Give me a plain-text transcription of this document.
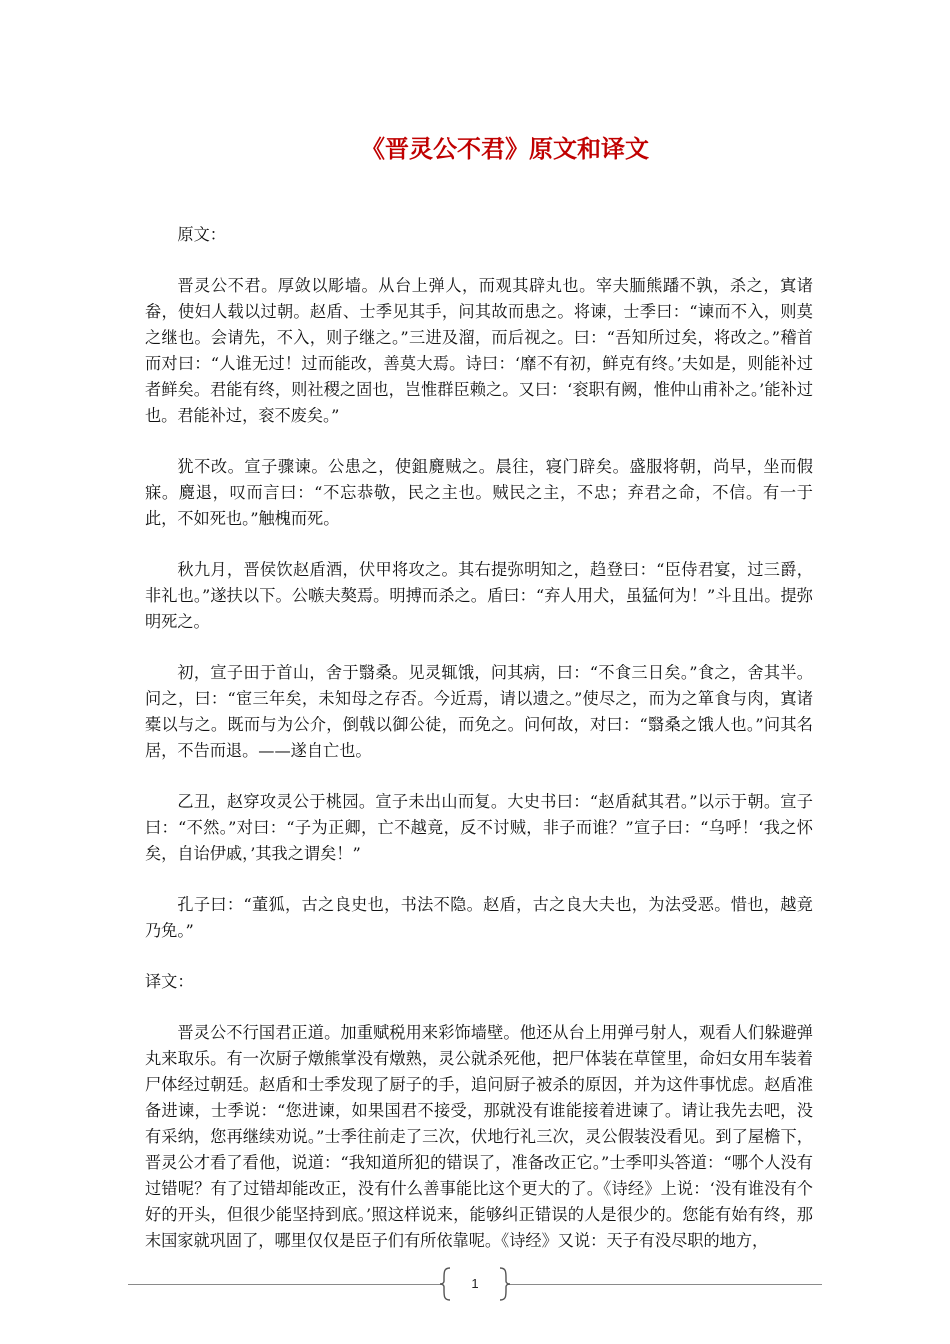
《晋灵公不君》原文和译文

原文：

晋灵公不君。厚敛以彫墙。从台上弹人，而观其辟丸也。宰夫胹熊蹯不孰，杀之，寘诸畚，使妇人载以过朝。赵盾、士季见其手，问其故而患之。将谏，士季曰：“谏而不入，则莫之继也。会请先，不入，则子继之。”三进及溜，而后视之。曰：“吾知所过矣，将改之。”稽首而对曰：“人谁无过！过而能改，善莫大焉。诗曰：‘靡不有初，鲜克有终。’夫如是，则能补过者鲜矣。君能有终，则社稷之固也，岂惟群臣赖之。又曰：‘衮职有阙，惟仲山甫补之。’能补过也。君能补过，衮不废矣。”

犹不改。宣子骤谏。公患之，使鉏麑贼之。晨往，寝门辟矣。盛服将朝，尚早，坐而假寐。麑退，叹而言曰：“不忘恭敬，民之主也。贼民之主，不忠；弃君之命，不信。有一于此，不如死也。”触槐而死。

秋九月，晋侯饮赵盾酒，伏甲将攻之。其右提弥明知之，趋登曰：“臣侍君宴，过三爵，非礼也。”遂扶以下。公嗾夫獒焉。明搏而杀之。盾曰：“弃人用犬，虽猛何为！”斗且出。提弥明死之。

初，宣子田于首山，舍于翳桑。见灵辄饿，问其病，曰：“不食三日矣。”食之，舍其半。问之，曰：“宦三年矣，未知母之存否。今近焉，请以遗之。”使尽之，而为之箪食与肉，寘诸橐以与之。既而与为公介，倒戟以御公徒，而免之。问何故，对曰：“翳桑之饿人也。”问其名居，不告而退。——遂自亡也。

乙丑，赵穿攻灵公于桃园。宣子未出山而复。大史书曰：“赵盾弑其君。”以示于朝。宣子曰：“不然。”对曰：“子为正卿，亡不越竟，反不讨贼，非子而谁？”宣子曰：“乌呼！‘我之怀矣，自诒伊戚，’其我之谓矣！”

孔子曰：“董狐，古之良史也，书法不隐。赵盾，古之良大夫也，为法受恶。惜也，越竟乃免。”

译文：

晋灵公不行国君正道。加重赋税用来彩饰墙壁。他还从台上用弹弓射人，观看人们躲避弹丸来取乐。有一次厨子燉熊掌没有燉熟，灵公就杀死他，把尸体装在草筐里，命妇女用车装着尸体经过朝廷。赵盾和士季发现了厨子的手，追问厨子被杀的原因，并为这件事忧虑。赵盾准备进谏，士季说：“您进谏，如果国君不接受，那就没有谁能接着进谏了。请让我先去吧，没有采纳，您再继续劝说。”士季往前走了三次，伏地行礼三次，灵公假装没看见。到了屋檐下，晋灵公才看了看他，说道：“我知道所犯的错误了，准备改正它。”士季叩头答道：“哪个人没有过错呢？有了过错却能改正，没有什么善事能比这个更大的了。《诗经》上说：‘没有谁没有个好的开头，但很少能坚持到底。’照这样说来，能够纠正错误的人是很少的。您能有始有终，那末国家就巩固了，哪里仅仅是臣子们有所依靠呢。《诗经》又说：天子有没尽职的地方，

1
